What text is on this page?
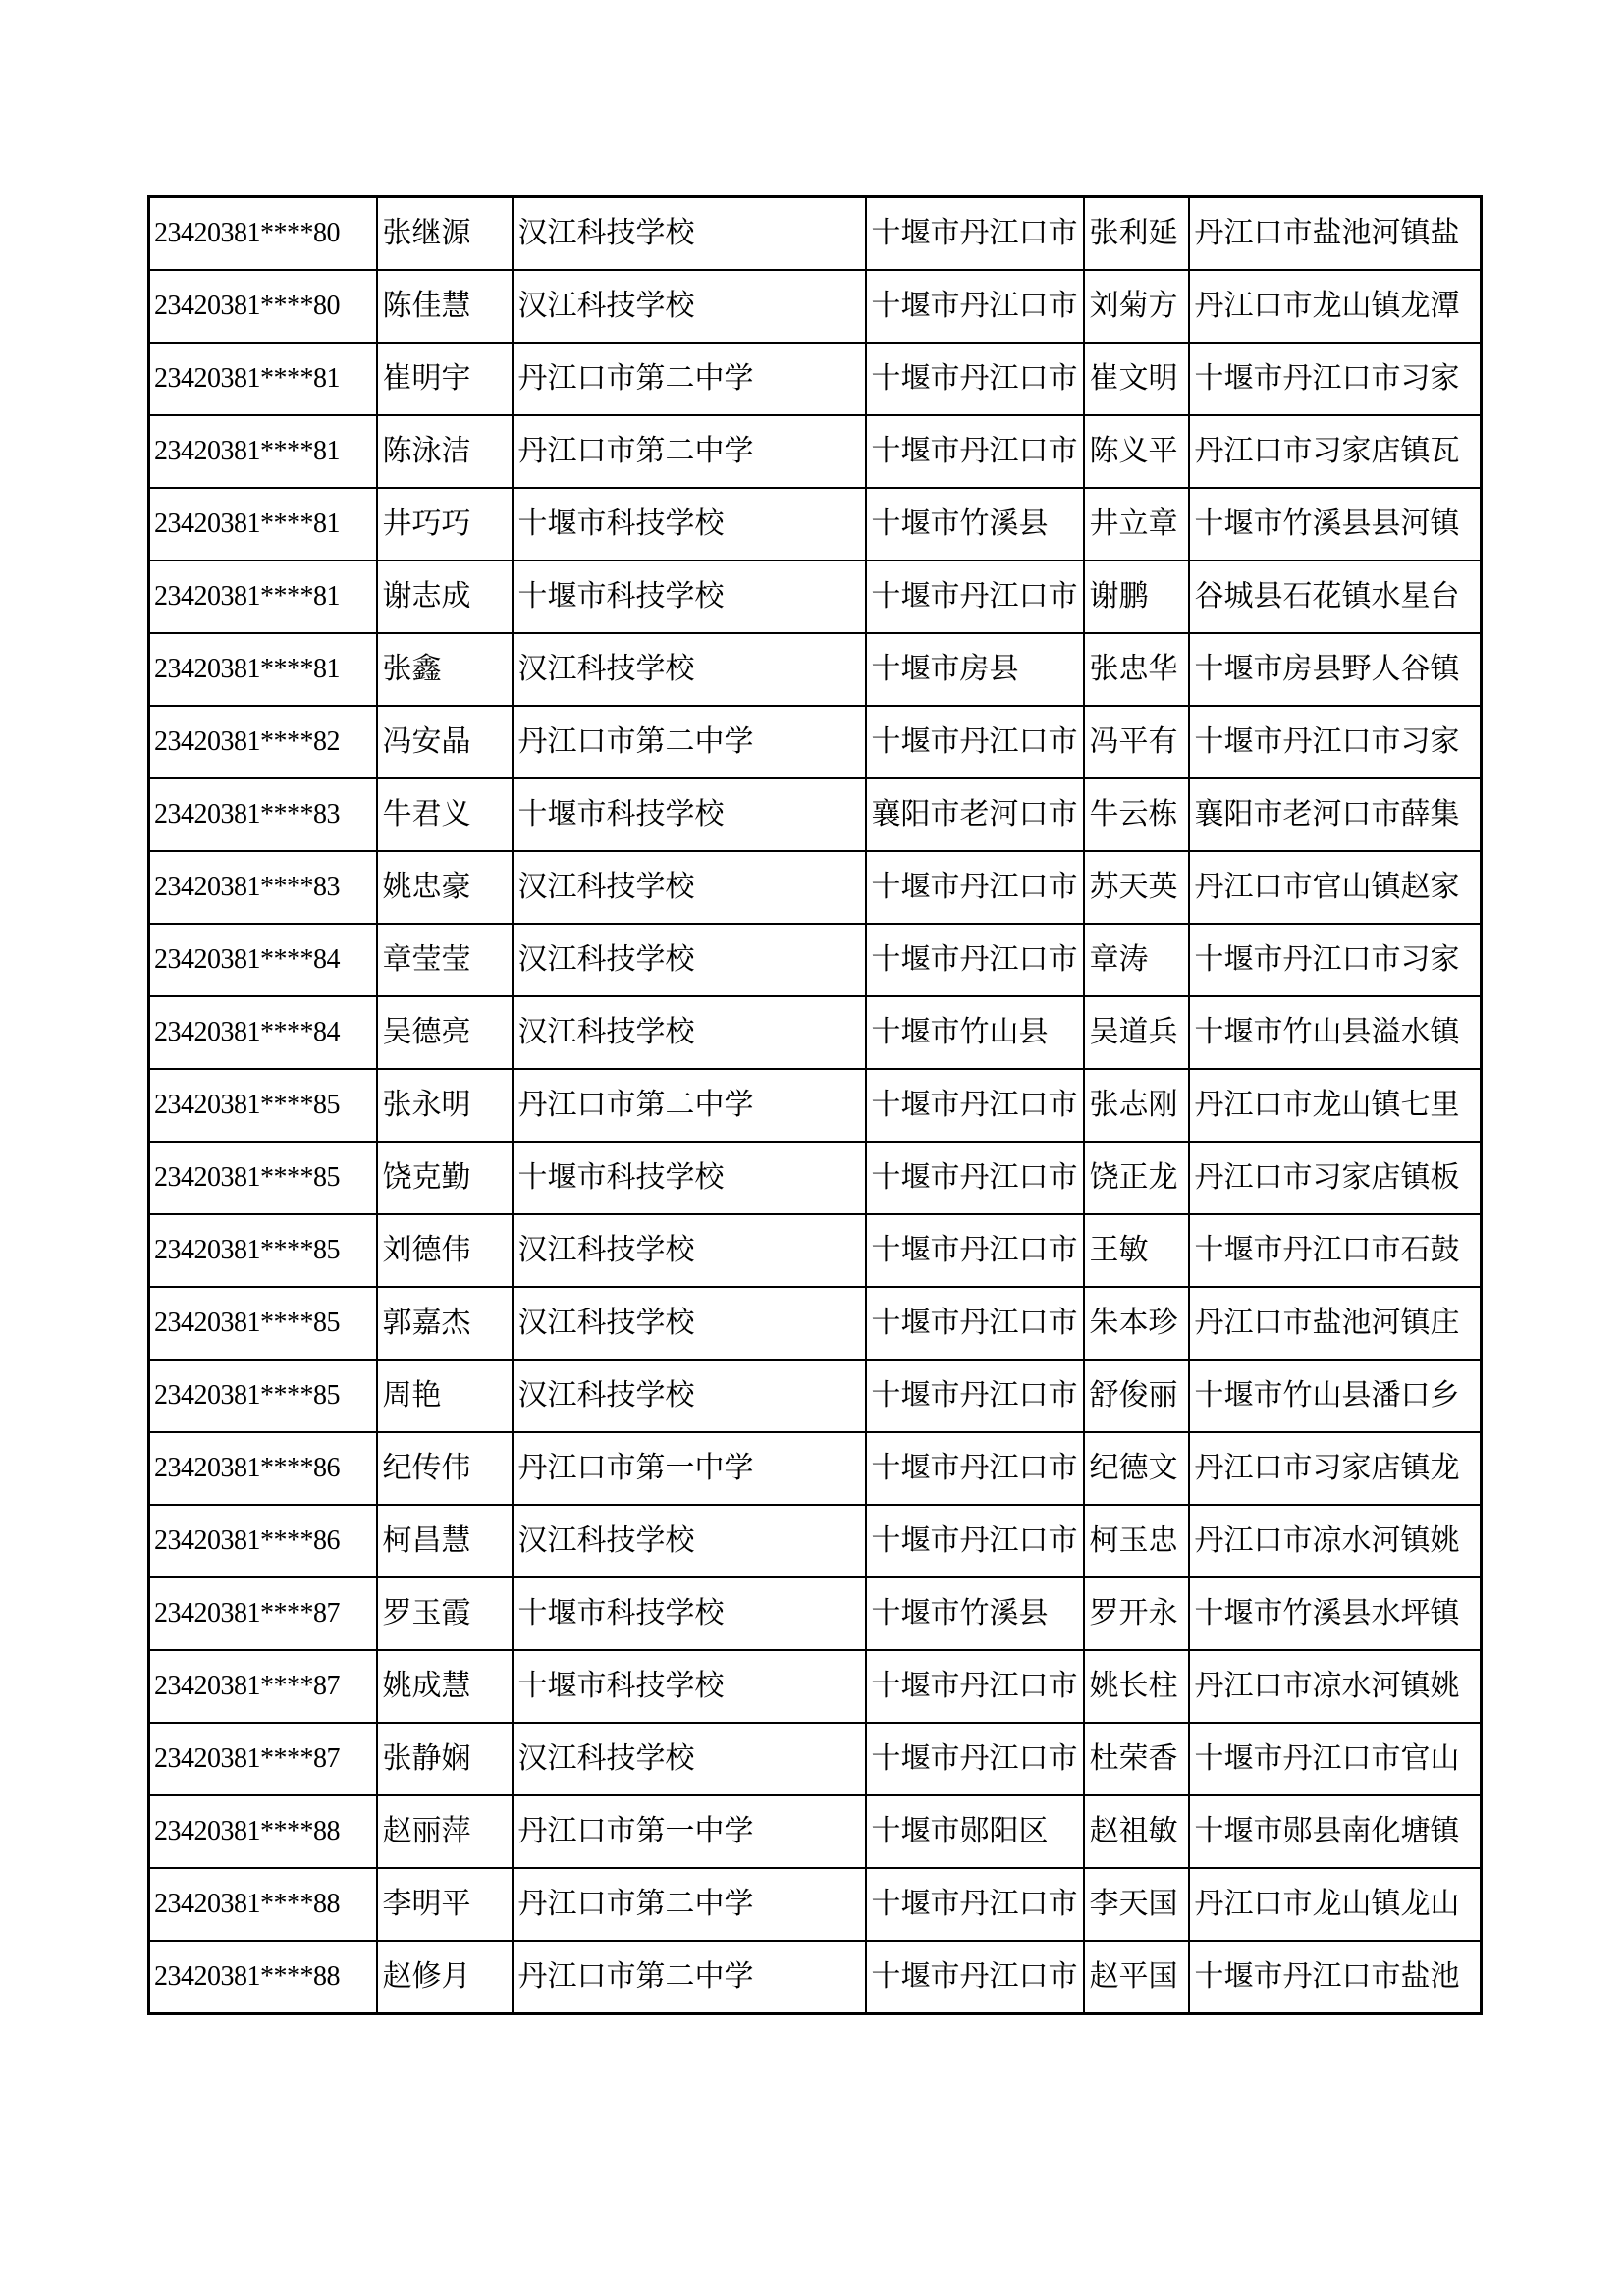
23420381****80	张继源	汉江科技学校	十堰市丹江口市	张利延	丹江口市盐池河镇盐
23420381****80	陈佳慧	汉江科技学校	十堰市丹江口市	刘菊方	丹江口市龙山镇龙潭
23420381****81	崔明宇	丹江口市第二中学	十堰市丹江口市	崔文明	十堰市丹江口市习家
23420381****81	陈泳洁	丹江口市第二中学	十堰市丹江口市	陈义平	丹江口市习家店镇瓦
23420381****81	井巧巧	十堰市科技学校	十堰市竹溪县	井立章	十堰市竹溪县县河镇
23420381****81	谢志成	十堰市科技学校	十堰市丹江口市	谢鹏	谷城县石花镇水星台
23420381****81	张鑫	汉江科技学校	十堰市房县	张忠华	十堰市房县野人谷镇
23420381****82	冯安晶	丹江口市第二中学	十堰市丹江口市	冯平有	十堰市丹江口市习家
23420381****83	牛君义	十堰市科技学校	襄阳市老河口市	牛云栋	襄阳市老河口市薛集
23420381****83	姚忠豪	汉江科技学校	十堰市丹江口市	苏天英	丹江口市官山镇赵家
23420381****84	章莹莹	汉江科技学校	十堰市丹江口市	章涛	十堰市丹江口市习家
23420381****84	吴德亮	汉江科技学校	十堰市竹山县	吴道兵	十堰市竹山县溢水镇
23420381****85	张永明	丹江口市第二中学	十堰市丹江口市	张志刚	丹江口市龙山镇七里
23420381****85	饶克勤	十堰市科技学校	十堰市丹江口市	饶正龙	丹江口市习家店镇板
23420381****85	刘德伟	汉江科技学校	十堰市丹江口市	王敏	十堰市丹江口市石鼓
23420381****85	郭嘉杰	汉江科技学校	十堰市丹江口市	朱本珍	丹江口市盐池河镇庄
23420381****85	周艳	汉江科技学校	十堰市丹江口市	舒俊丽	十堰市竹山县潘口乡
23420381****86	纪传伟	丹江口市第一中学	十堰市丹江口市	纪德文	丹江口市习家店镇龙
23420381****86	柯昌慧	汉江科技学校	十堰市丹江口市	柯玉忠	丹江口市凉水河镇姚
23420381****87	罗玉霞	十堰市科技学校	十堰市竹溪县	罗开永	十堰市竹溪县水坪镇
23420381****87	姚成慧	十堰市科技学校	十堰市丹江口市	姚长柱	丹江口市凉水河镇姚
23420381****87	张静娴	汉江科技学校	十堰市丹江口市	杜荣香	十堰市丹江口市官山
23420381****88	赵丽萍	丹江口市第一中学	十堰市郧阳区	赵祖敏	十堰市郧县南化塘镇
23420381****88	李明平	丹江口市第二中学	十堰市丹江口市	李天国	丹江口市龙山镇龙山
23420381****88	赵修月	丹江口市第二中学	十堰市丹江口市	赵平国	十堰市丹江口市盐池
